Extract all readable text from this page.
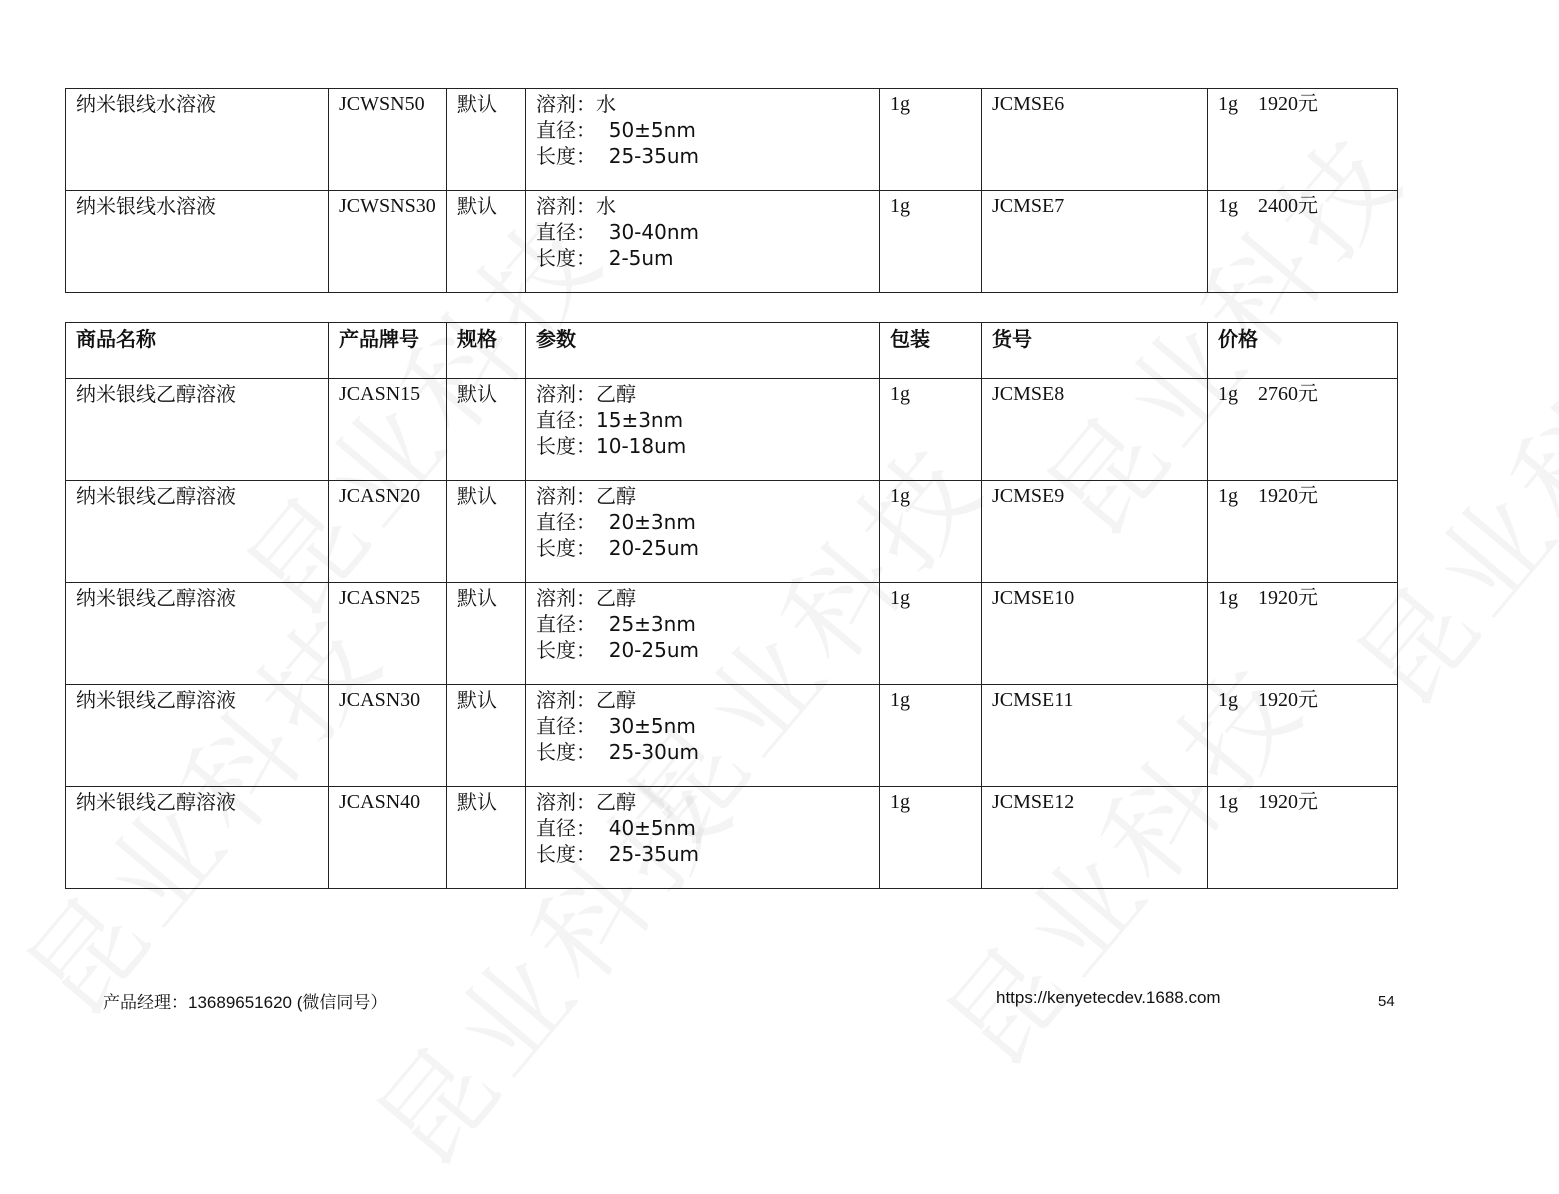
纳米银线水溶液	JCWSN50	默认	溶剂：水
直径：  50±5nm
长度：  25-35um	1g	JCMSE6	1g    1920元
纳米银线水溶液	JCWSNS30	默认	溶剂：水
直径：  30-40nm
长度：  2-5um	1g	JCMSE7	1g    2400元
商品名称	产品牌号	规格	参数	包装	货号	价格
纳米银线乙醇溶液	JCASN15	默认	溶剂：乙醇
直径：15±3nm
长度：10-18um	1g	JCMSE8	1g    2760元
纳米银线乙醇溶液	JCASN20	默认	溶剂：乙醇
直径：  20±3nm
长度：  20-25um	1g	JCMSE9	1g    1920元
纳米银线乙醇溶液	JCASN25	默认	溶剂：乙醇
直径：  25±3nm
长度：  20-25um	1g	JCMSE10	1g    1920元
纳米银线乙醇溶液	JCASN30	默认	溶剂：乙醇
直径：  30±5nm
长度：  25-30um	1g	JCMSE11	1g    1920元
纳米银线乙醇溶液	JCASN40	默认	溶剂：乙醇
直径：  40±5nm
长度：  25-35um	1g	JCMSE12	1g    1920元
产品经理：13689651620 (微信同号）	https://kenyetecdev.1688.com	54
